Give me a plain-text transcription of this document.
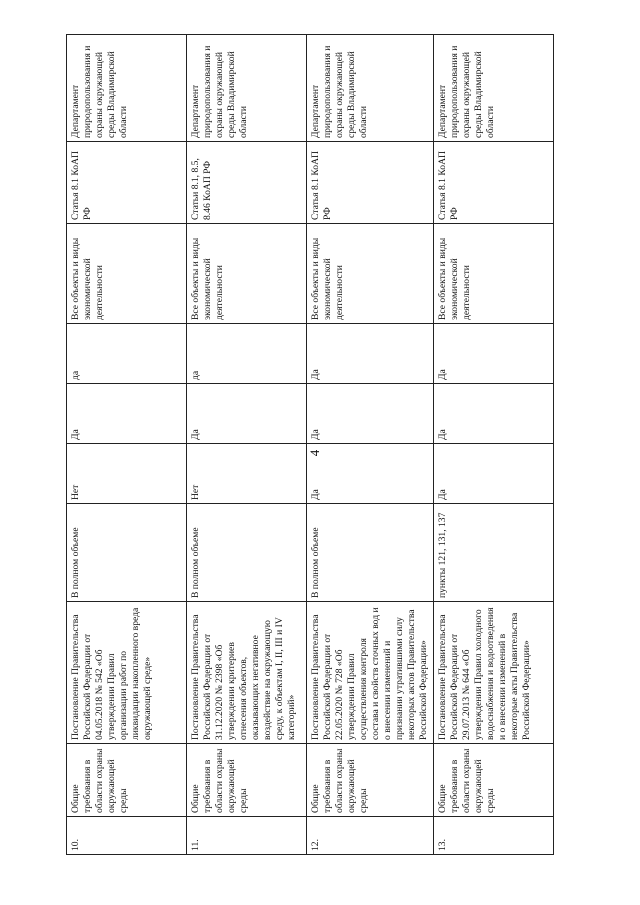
4
10.	Общие требования в области охраны окружающей среды	Постановление Правительства Российской Федерации от 04.05.2018 № 542 «Об утверждении Правил организации работ по ликвидации накопленного вреда окружающей среде»	В полном объеме	Нет	Да	да	Все объекты и виды экономической деятельности	Статья 8.1 КоАП РФ	Департамент природопользования и охраны окружающей среды Владимирской области
11.	Общие требования в области охраны окружающей среды	Постановление Правительства Российской Федерации от 31.12.2020 № 2398 «Об утверждении критериев отнесения объектов, оказывающих негативное воздействие на окружающую среду, к объектам I, II, III и IV категорий»	В полном объеме	Нет	Да	да	Все объекты и виды экономической деятельности	Статьи 8.1, 8.5, 8.46 КоАП РФ	Департамент природопользования и охраны окружающей среды Владимирской области
12.	Общие требования в области охраны окружающей среды	Постановление Правительства Российской Федерации от 22.05.2020 № 728 «Об утверждении Правил осуществления контроля состава и свойств сточных вод и о внесении изменений и признании утратившими силу некоторых актов Правительства Российской Федерации»	В полном объеме	Да	Да	Да	Все объекты и виды экономической деятельности	Статья 8.1 КоАП РФ	Департамент природопользования и охраны окружающей среды Владимирской области
13.	Общие требования в области охраны окружающей среды	Постановление Правительства Российской Федерации от 29.07.2013 № 644 «Об утверждении Правил холодного водоснабжения и водоотведения и о внесении изменений в некоторые акты Правительства Российской Федерации»	пункты 121, 131, 137	Да	Да	Да	Все объекты и виды экономической деятельности	Статья 8.1 КоАП РФ	Департамент природопользования и охраны окружающей среды Владимирской области
